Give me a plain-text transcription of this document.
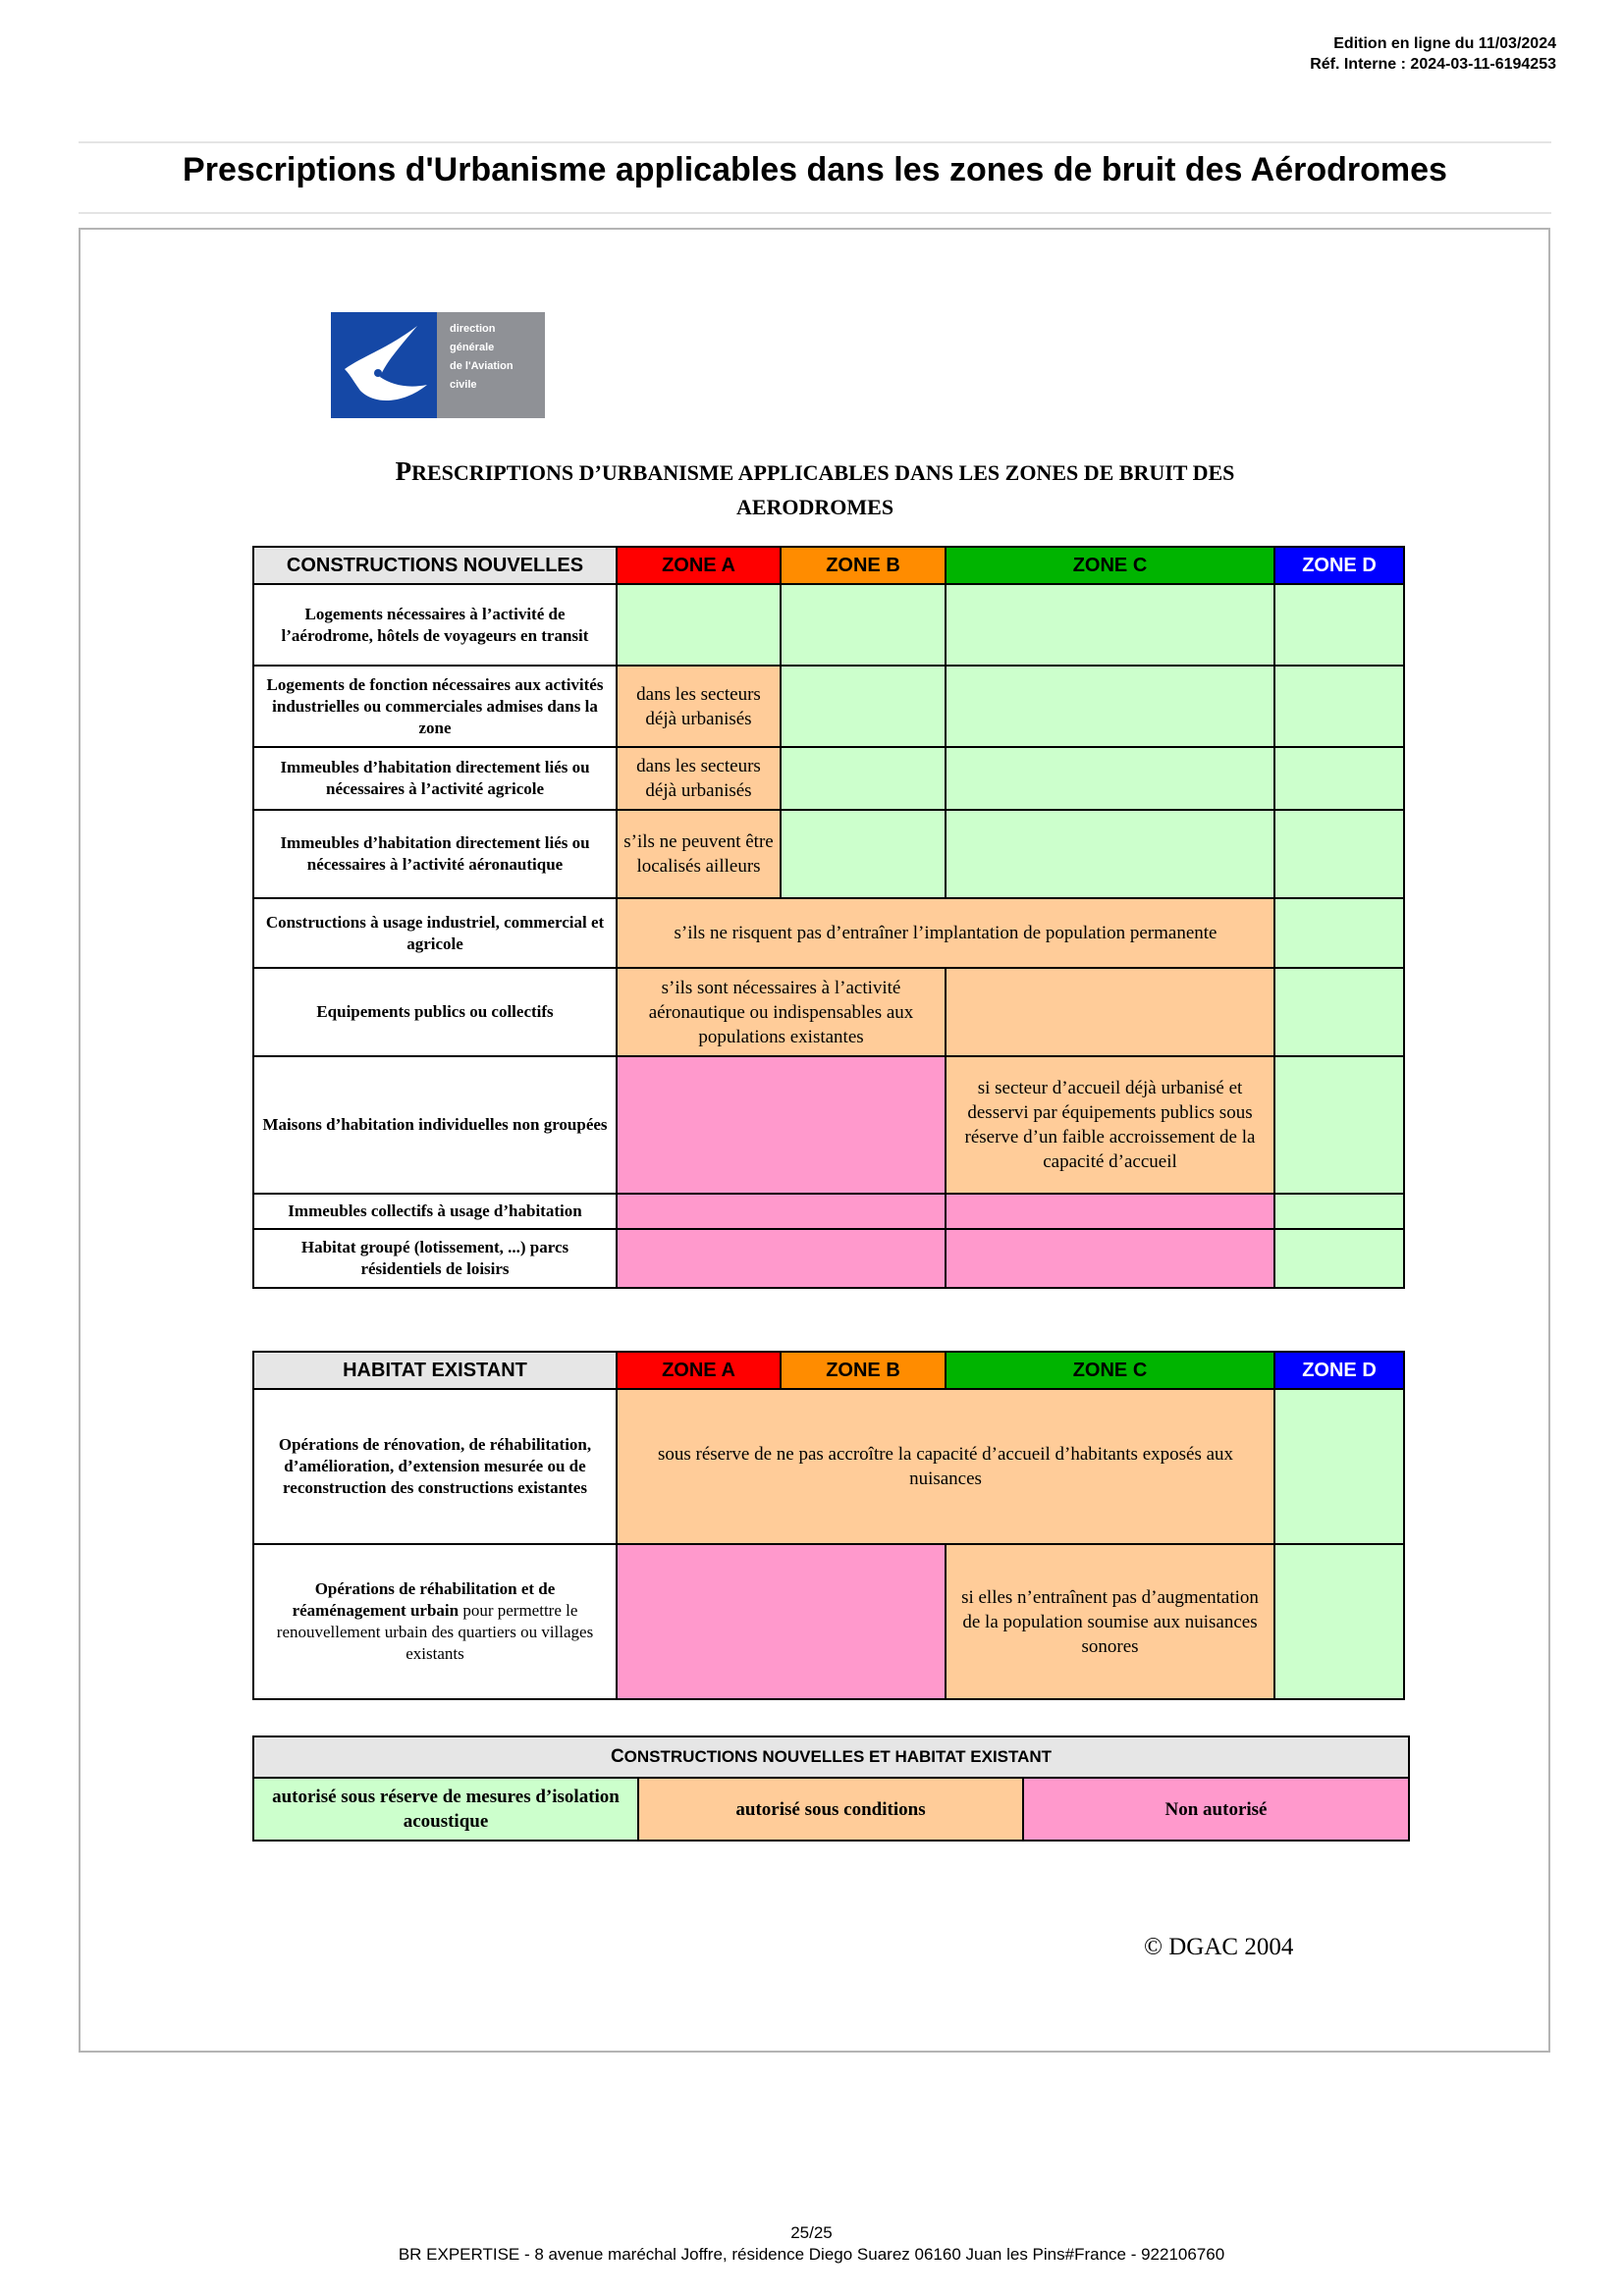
Edition en ligne du 11/03/2024
Réf. Interne : 2024-03-11-6194253
Prescriptions d'Urbanisme applicables dans les zones de bruit des Aérodromes
direction
générale
de l'Aviation
civile
PRESCRIPTIONS D’URBANISME APPLICABLES DANS LES ZONES DE BRUIT DES
AERODROMES
CONSTRUCTIONS NOUVELLES	ZONE A	ZONE B	ZONE C	ZONE D
Logements nécessaires à l’activité de l’aérodrome, hôtels de voyageurs en transit				
Logements de fonction nécessaires aux activités industrielles ou commerciales admises dans la zone	dans les secteurs déjà urbanisés			
Immeubles d’habitation directement liés ou nécessaires à l’activité agricole	dans les secteurs déjà urbanisés			
Immeubles d’habitation directement liés ou nécessaires à l’activité aéronautique	s’ils ne peuvent être localisés ailleurs			
Constructions à usage industriel, commercial et agricole	s’ils ne risquent pas d’entraîner l’implantation de population permanente			
Equipements publics ou collectifs	s’ils sont nécessaires à l’activité aéronautique ou indispensables aux populations existantes			
Maisons d’habitation individuelles non groupées			si secteur d’accueil déjà urbanisé et desservi par équipements publics sous réserve d’un faible accroissement de la capacité d’accueil	
Immeubles collectifs à usage d’habitation				
Habitat groupé (lotissement, ...) parcs résidentiels de loisirs				
HABITAT EXISTANT	ZONE A	ZONE B	ZONE C	ZONE D
Opérations de rénovation, de réhabilitation, d’amélioration, d’extension mesurée ou de reconstruction des constructions existantes	sous réserve de ne pas accroître la capacité d’accueil d’habitants exposés aux nuisances			
Opérations de réhabilitation et de réaménagement urbain pour permettre le renouvellement urbain des quartiers ou villages existants			si elles n’entraînent pas d’augmentation de la population soumise aux nuisances sonores	
CONSTRUCTIONS NOUVELLES ET HABITAT EXISTANT
autorisé sous réserve de mesures d’isolation acoustique	autorisé sous conditions	Non autorisé
© DGAC 2004
25/25
BR EXPERTISE - 8 avenue maréchal Joffre, résidence Diego Suarez 06160 Juan les Pins#France - 922106760
